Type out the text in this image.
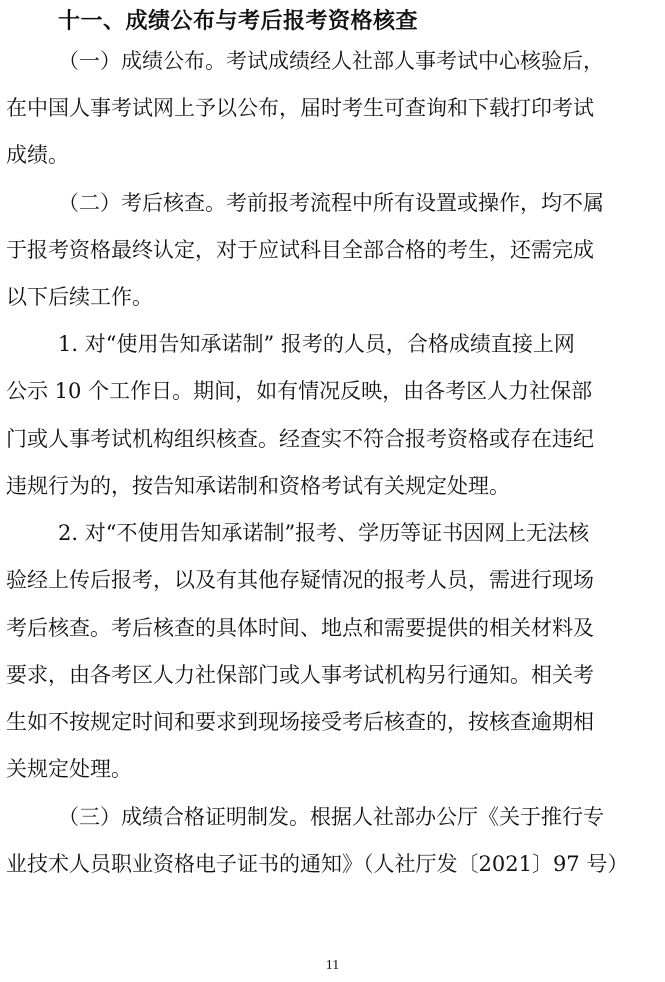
十一、成绩公布与考后报考资格核查

（一）成绩公布。考试成绩经人社部人事考试中心核验后，

在中国人事考试网上予以公布，届时考生可查询和下载打印考试

成绩。

（二）考后核查。考前报考流程中所有设置或操作，均不属

于报考资格最终认定，对于应试科目全部合格的考生，还需完成

以下后续工作。

1. 对“使用告知承诺制” 报考的人员，合格成绩直接上网

公示 10 个工作日。期间，如有情况反映，由各考区人力社保部

门或人事考试机构组织核查。经查实不符合报考资格或存在违纪

违规行为的，按告知承诺制和资格考试有关规定处理。

2. 对“不使用告知承诺制”报考、学历等证书因网上无法核

验经上传后报考，以及有其他存疑情况的报考人员，需进行现场

考后核查。考后核查的具体时间、地点和需要提供的相关材料及

要求，由各考区人力社保部门或人事考试机构另行通知。相关考

生如不按规定时间和要求到现场接受考后核查的，按核查逾期相

关规定处理。

（三）成绩合格证明制发。根据人社部办公厅《关于推行专

业技术人员职业资格电子证书的通知》（人社厅发〔2021〕97 号）

11
